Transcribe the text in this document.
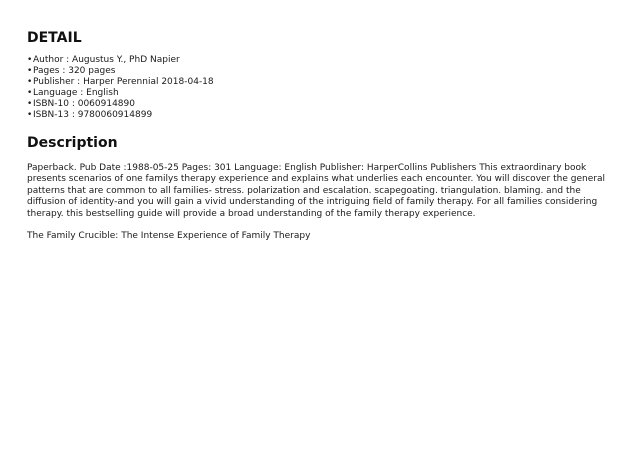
DETAIL
•Author : Augustus Y., PhD Napier
•Pages : 320 pages
•Publisher : Harper Perennial 2018-04-18
•Language : English
•ISBN-10 : 0060914890
•ISBN-13 : 9780060914899
Description

Paperback. Pub Date :1988-05-25 Pages: 301 Language: English Publisher: HarperCollins Publishers This extraordinary book presents scenarios of one familys therapy experience and explains what underlies each encounter. You will discover the general patterns that are common to all families- stress. polarization and escalation. scapegoating. triangulation. blaming. and the diffusion of identity-and you will gain a vivid understanding of the intriguing field of family therapy. For all families considering therapy. this bestselling guide will provide a broad understanding of the family therapy experience.

The Family Crucible: The Intense Experience of Family Therapy
